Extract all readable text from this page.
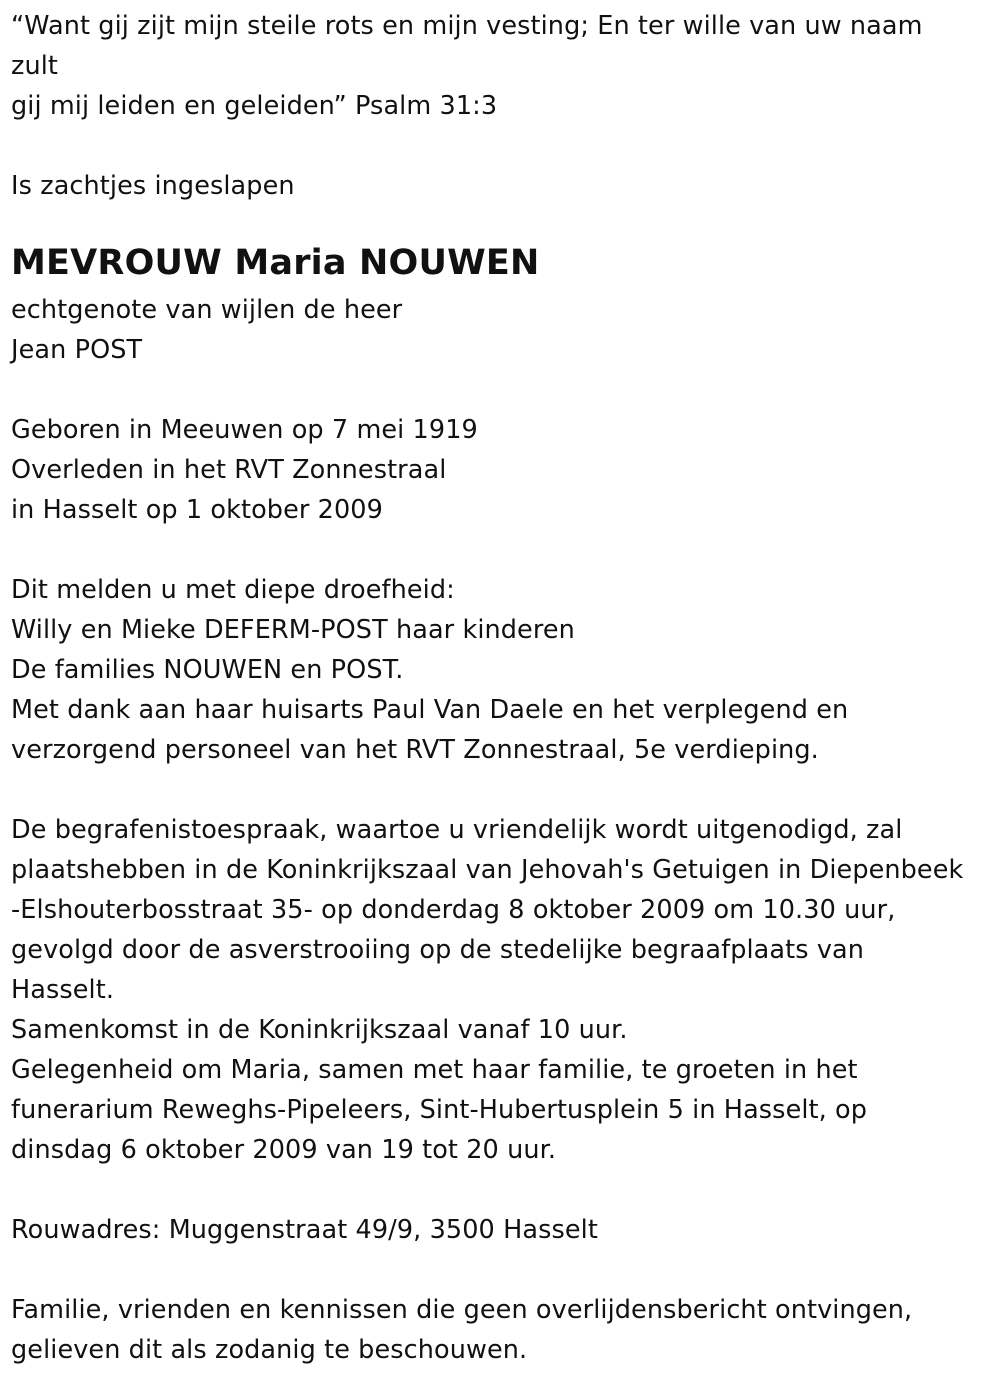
“Want gij zijt mijn steile rots en mijn vesting; En ter wille van uw naam
zult
gij mij leiden en geleiden” Psalm 31:3
Is zachtjes ingeslapen
MEVROUW Maria NOUWEN
echtgenote van wijlen de heer
Jean POST
Geboren in Meeuwen op 7 mei 1919
Overleden in het RVT Zonnestraal
in Hasselt op 1 oktober 2009
Dit melden u met diepe droefheid:
Willy en Mieke DEFERM-POST haar kinderen
De families NOUWEN en POST.
Met dank aan haar huisarts Paul Van Daele en het verplegend en
verzorgend personeel van het RVT Zonnestraal, 5e verdieping.
De begrafenistoespraak, waartoe u vriendelijk wordt uitgenodigd, zal
plaatshebben in de Koninkrijkszaal van Jehovah's Getuigen in Diepenbeek
-Elshouterbosstraat 35- op donderdag 8 oktober 2009 om 10.30 uur,
gevolgd door de asverstrooiing op de stedelijke begraafplaats van
Hasselt.
Samenkomst in de Koninkrijkszaal vanaf 10 uur.
Gelegenheid om Maria, samen met haar familie, te groeten in het
funerarium Reweghs-Pipeleers, Sint-Hubertusplein 5 in Hasselt, op
dinsdag 6 oktober 2009 van 19 tot 20 uur.
Rouwadres: Muggenstraat 49/9, 3500 Hasselt
Familie, vrienden en kennissen die geen overlijdensbericht ontvingen,
gelieven dit als zodanig te beschouwen.
